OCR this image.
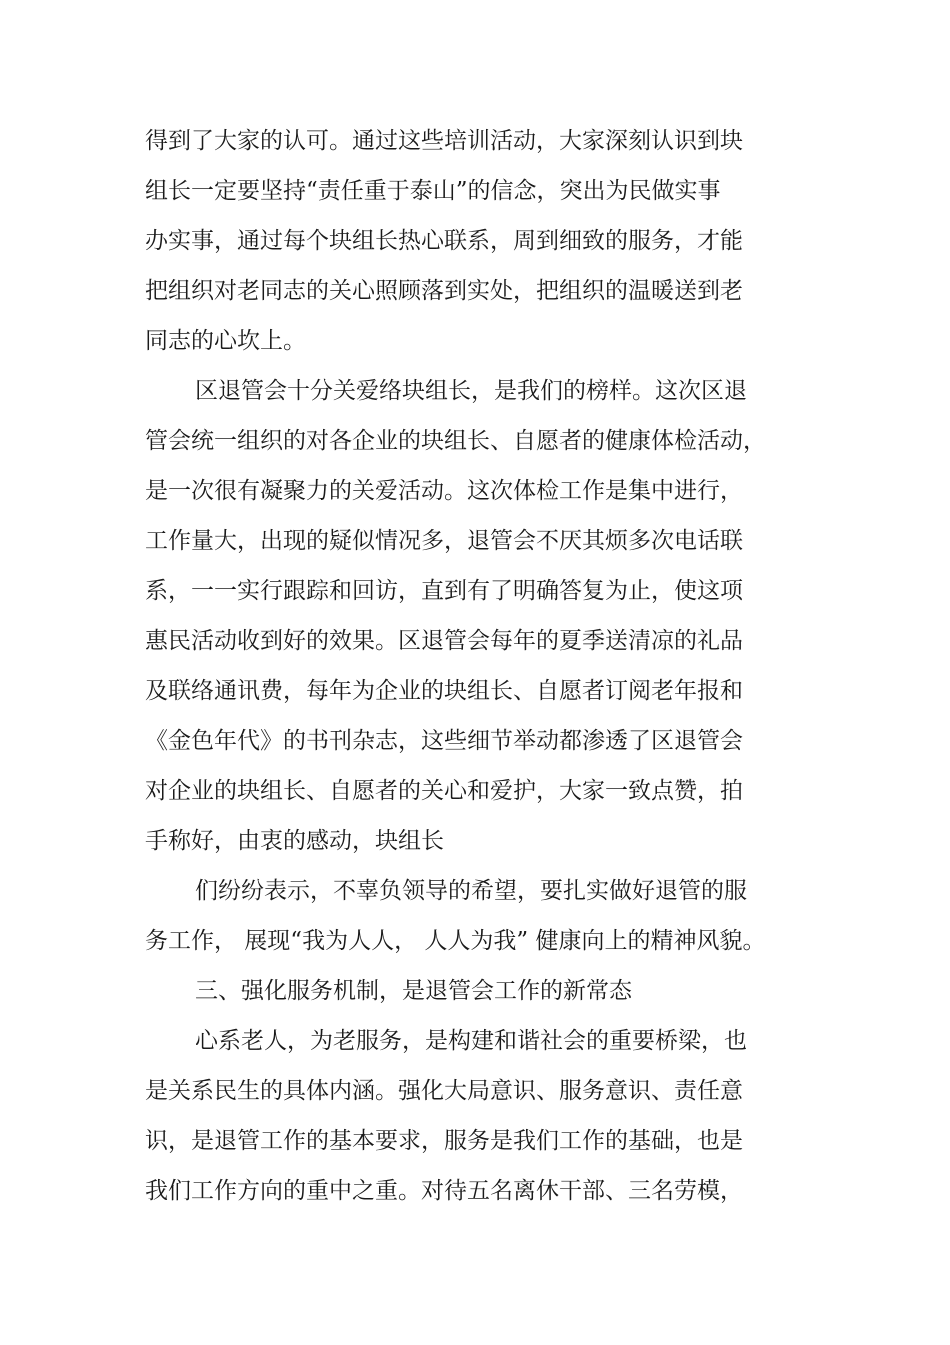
得到了大家的认可。通过这些培训活动，大家深刻认识到块
组长一定要坚持“责任重于泰山”的信念，突出为民做实事
办实事，通过每个块组长热心联系，周到细致的服务，才能
把组织对老同志的关心照顾落到实处，把组织的温暖送到老
同志的心坎上。
区退管会十分关爱络块组长，是我们的榜样。这次区退
管会统一组织的对各企业的块组长、自愿者的健康体检活动，
是一次很有凝聚力的关爱活动。这次体检工作是集中进行，
工作量大，出现的疑似情况多，退管会不厌其烦多次电话联
系，一一实行跟踪和回访，直到有了明确答复为止，使这项
惠民活动收到好的效果。区退管会每年的夏季送清凉的礼品
及联络通讯费，每年为企业的块组长、自愿者订阅老年报和
《金色年代》的书刊杂志，这些细节举动都渗透了区退管会
对企业的块组长、自愿者的关心和爱护，大家一致点赞，拍
手称好，由衷的感动，块组长
们纷纷表示，不辜负领导的希望，要扎实做好退管的服
务工作， 展现“我为人人， 人人为我” 健康向上的精神风貌。
三、强化服务机制，是退管会工作的新常态
心系老人，为老服务，是构建和谐社会的重要桥梁，也
是关系民生的具体内涵。强化大局意识、服务意识、责任意
识，是退管工作的基本要求，服务是我们工作的基础，也是
我们工作方向的重中之重。对待五名离休干部、三名劳模，
